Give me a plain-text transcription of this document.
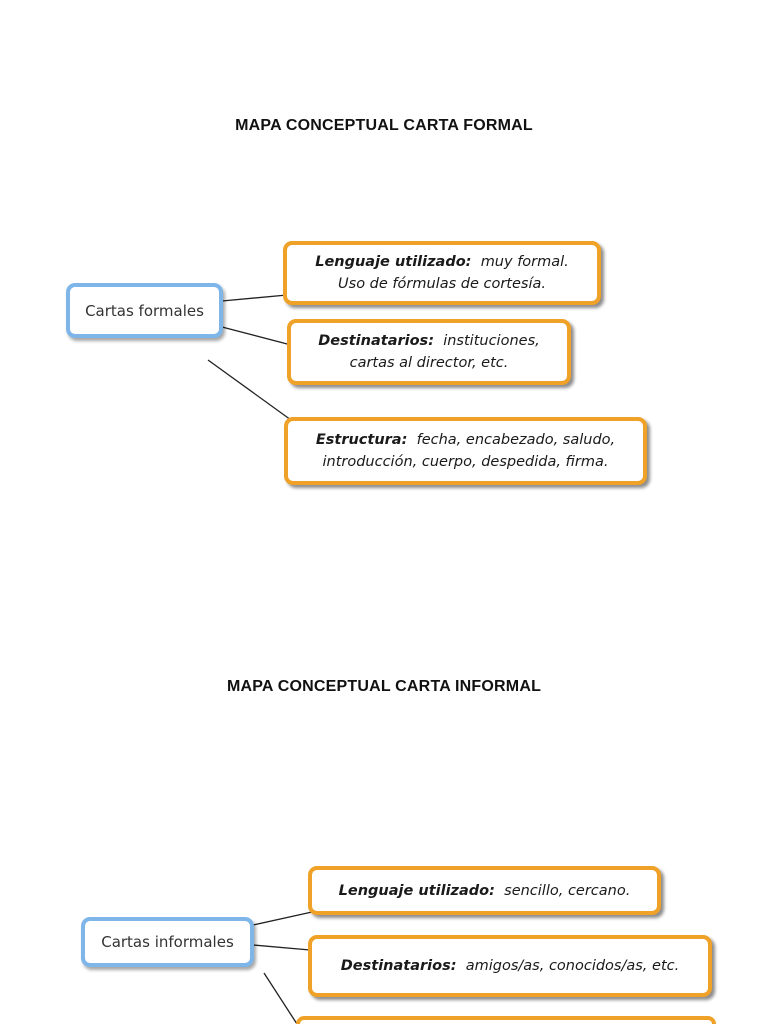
MAPA CONCEPTUAL CARTA FORMAL
Cartas formales
Lenguaje utilizado: muy formal.
Uso de fórmulas de cortesía.
Destinatarios: instituciones,
cartas al director, etc.
Estructura: fecha, encabezado, saludo,
introducción, cuerpo, despedida, firma.
MAPA CONCEPTUAL CARTA INFORMAL
Cartas informales
Lenguaje utilizado: sencillo, cercano.
Destinatarios: amigos/as, conocidos/as, etc.
